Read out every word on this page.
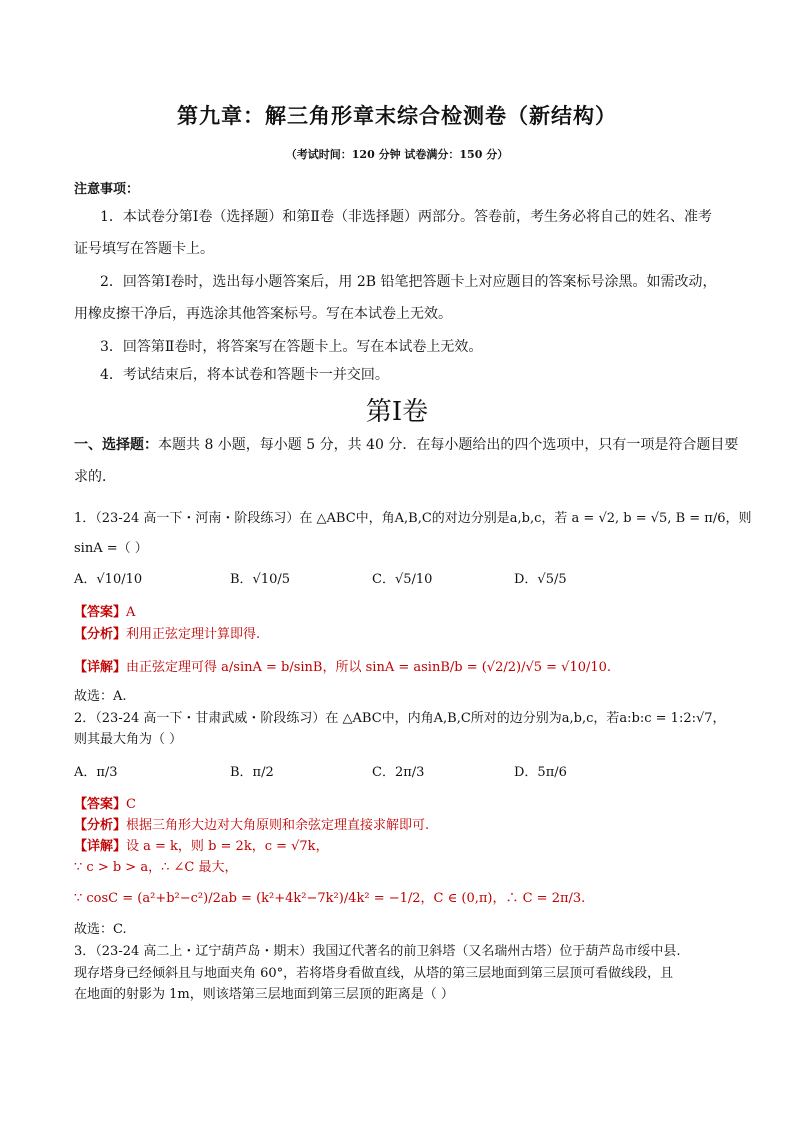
第九章：解三角形章末综合检测卷（新结构）
（考试时间：120 分钟 试卷满分：150 分）
注意事项：
1．本试卷分第Ⅰ卷（选择题）和第Ⅱ卷（非选择题）两部分。答卷前，考生务必将自己的姓名、准考
证号填写在答题卡上。
2．回答第Ⅰ卷时，选出每小题答案后，用 2B 铅笔把答题卡上对应题目的答案标号涂黑。如需改动，
用橡皮擦干净后，再选涂其他答案标号。写在本试卷上无效。
3．回答第Ⅱ卷时，将答案写在答题卡上。写在本试卷上无效。
4．考试结束后，将本试卷和答题卡一并交回。
第Ⅰ卷
一、选择题：本题共 8 小题，每小题 5 分，共 40 分．在每小题给出的四个选项中，只有一项是符合题目要
求的．
1．（23-24 高一下・河南・阶段练习）在 △ABC中，角A,B,C的对边分别是a,b,c，若 a = √2, b = √5, B = π/6，则
sinA =（ ）
A．√10/10	B．√10/5	C．√5/10	D．√5/5
【答案】A
【分析】利用正弦定理计算即得.
【详解】由正弦定理可得 a/sinA = b/sinB，所以 sinA = asinB/b = (√2/2)/√5 = √10/10.
故选：A.
2．（23-24 高一下・甘肃武威・阶段练习）在 △ABC中，内角A,B,C所对的边分别为a,b,c，若a:b:c = 1:2:√7，
则其最大角为（ ）
A．π/3	B．π/2	C．2π/3	D．5π/6
【答案】C
【分析】根据三角形大边对大角原则和余弦定理直接求解即可.
【详解】设 a = k，则 b = 2k，c = √7k，
∵ c > b > a，∴ ∠C 最大，
∵ cosC = (a²+b²−c²)/2ab = (k²+4k²−7k²)/4k² = −1/2，C ∈ (0,π)，∴ C = 2π/3.
故选：C.
3．（23-24 高二上・辽宁葫芦岛・期末）我国辽代著名的前卫斜塔（又名瑞州古塔）位于葫芦岛市绥中县.
现存塔身已经倾斜且与地面夹角 60°，若将塔身看做直线，从塔的第三层地面到第三层顶可看做线段，且
在地面的射影为 1m，则该塔第三层地面到第三层顶的距离是（ ）
